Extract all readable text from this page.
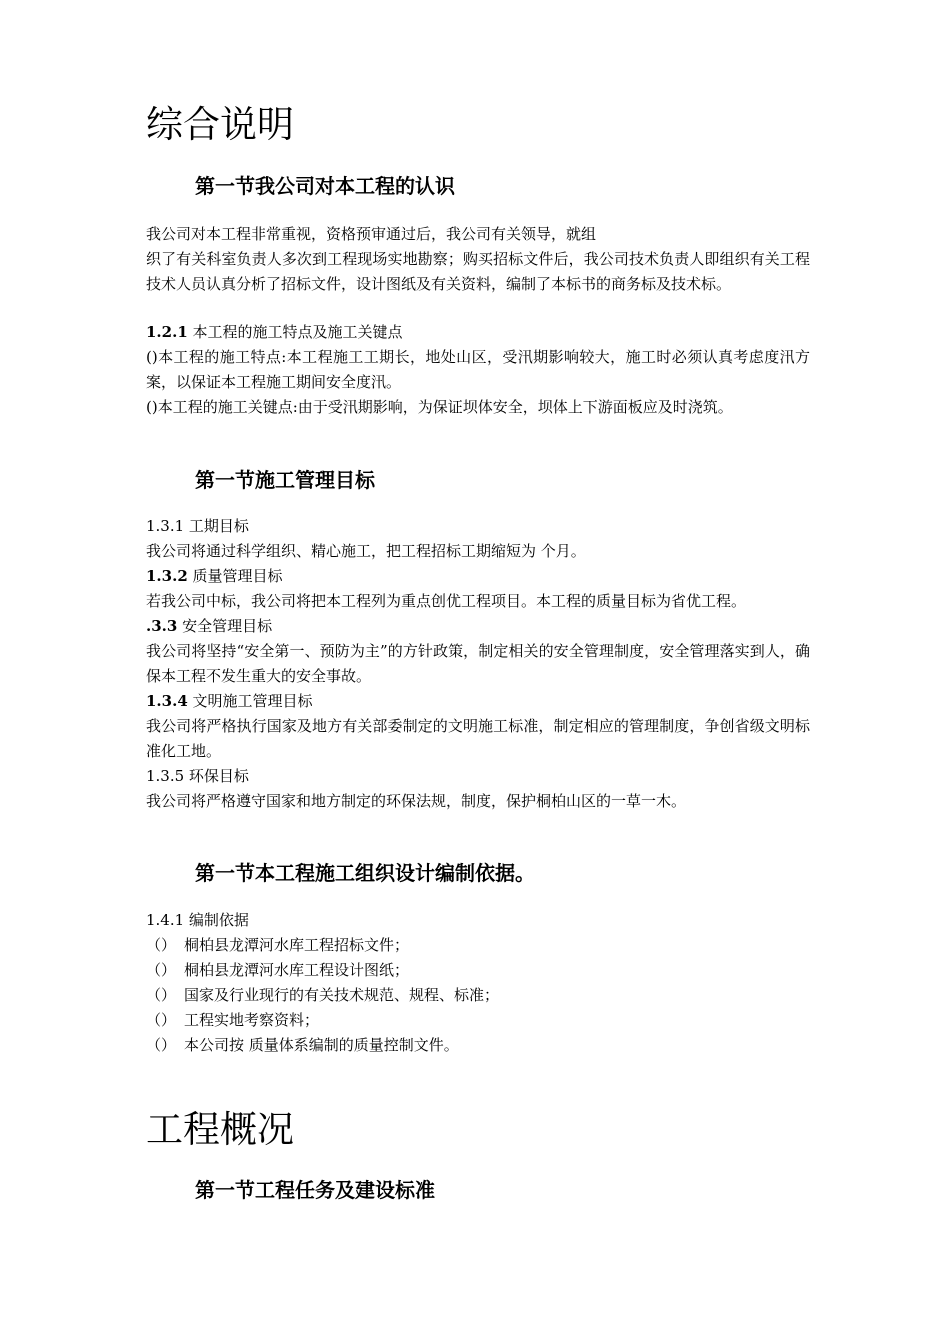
综合说明
第一节我公司对本工程的认识

我公司对本工程非常重视，资格预审通过后，我公司有关领导，就组

织了有关科室负责人多次到工程现场实地勘察；购买招标文件后，我公司技术负责人即组织有关工程技术人员认真分析了招标文件，设计图纸及有关资料，编制了本标书的商务标及技术标。

1.2.1 本工程的施工特点及施工关键点

()本工程的施工特点:本工程施工工期长，地处山区，受汛期影响较大，施工时必须认真考虑度汛方案，以保证本工程施工期间安全度汛。

()本工程的施工关键点:由于受汛期影响，为保证坝体安全，坝体上下游面板应及时浇筑。

第一节施工管理目标

1.3.1 工期目标

我公司将通过科学组织、精心施工，把工程招标工期缩短为 个月。

1.3.2 质量管理目标

若我公司中标，我公司将把本工程列为重点创优工程项目。本工程的质量目标为省优工程。

.3.3 安全管理目标

我公司将坚持“安全第一、预防为主”的方针政策，制定相关的安全管理制度，安全管理落实到人，确保本工程不发生重大的安全事故。

1.3.4 文明施工管理目标

我公司将严格执行国家及地方有关部委制定的文明施工标准，制定相应的管理制度，争创省级文明标准化工地。

1.3.5 环保目标

我公司将严格遵守国家和地方制定的环保法规，制度，保护桐柏山区的一草一木。

第一节本工程施工组织设计编制依据。

1.4.1 编制依据

（） 桐柏县龙潭河水库工程招标文件；
（） 桐柏县龙潭河水库工程设计图纸；
（） 国家及行业现行的有关技术规范、规程、标准；
（） 工程实地考察资料；
（） 本公司按 质量体系编制的质量控制文件。
工程概况
第一节工程任务及建设标准
